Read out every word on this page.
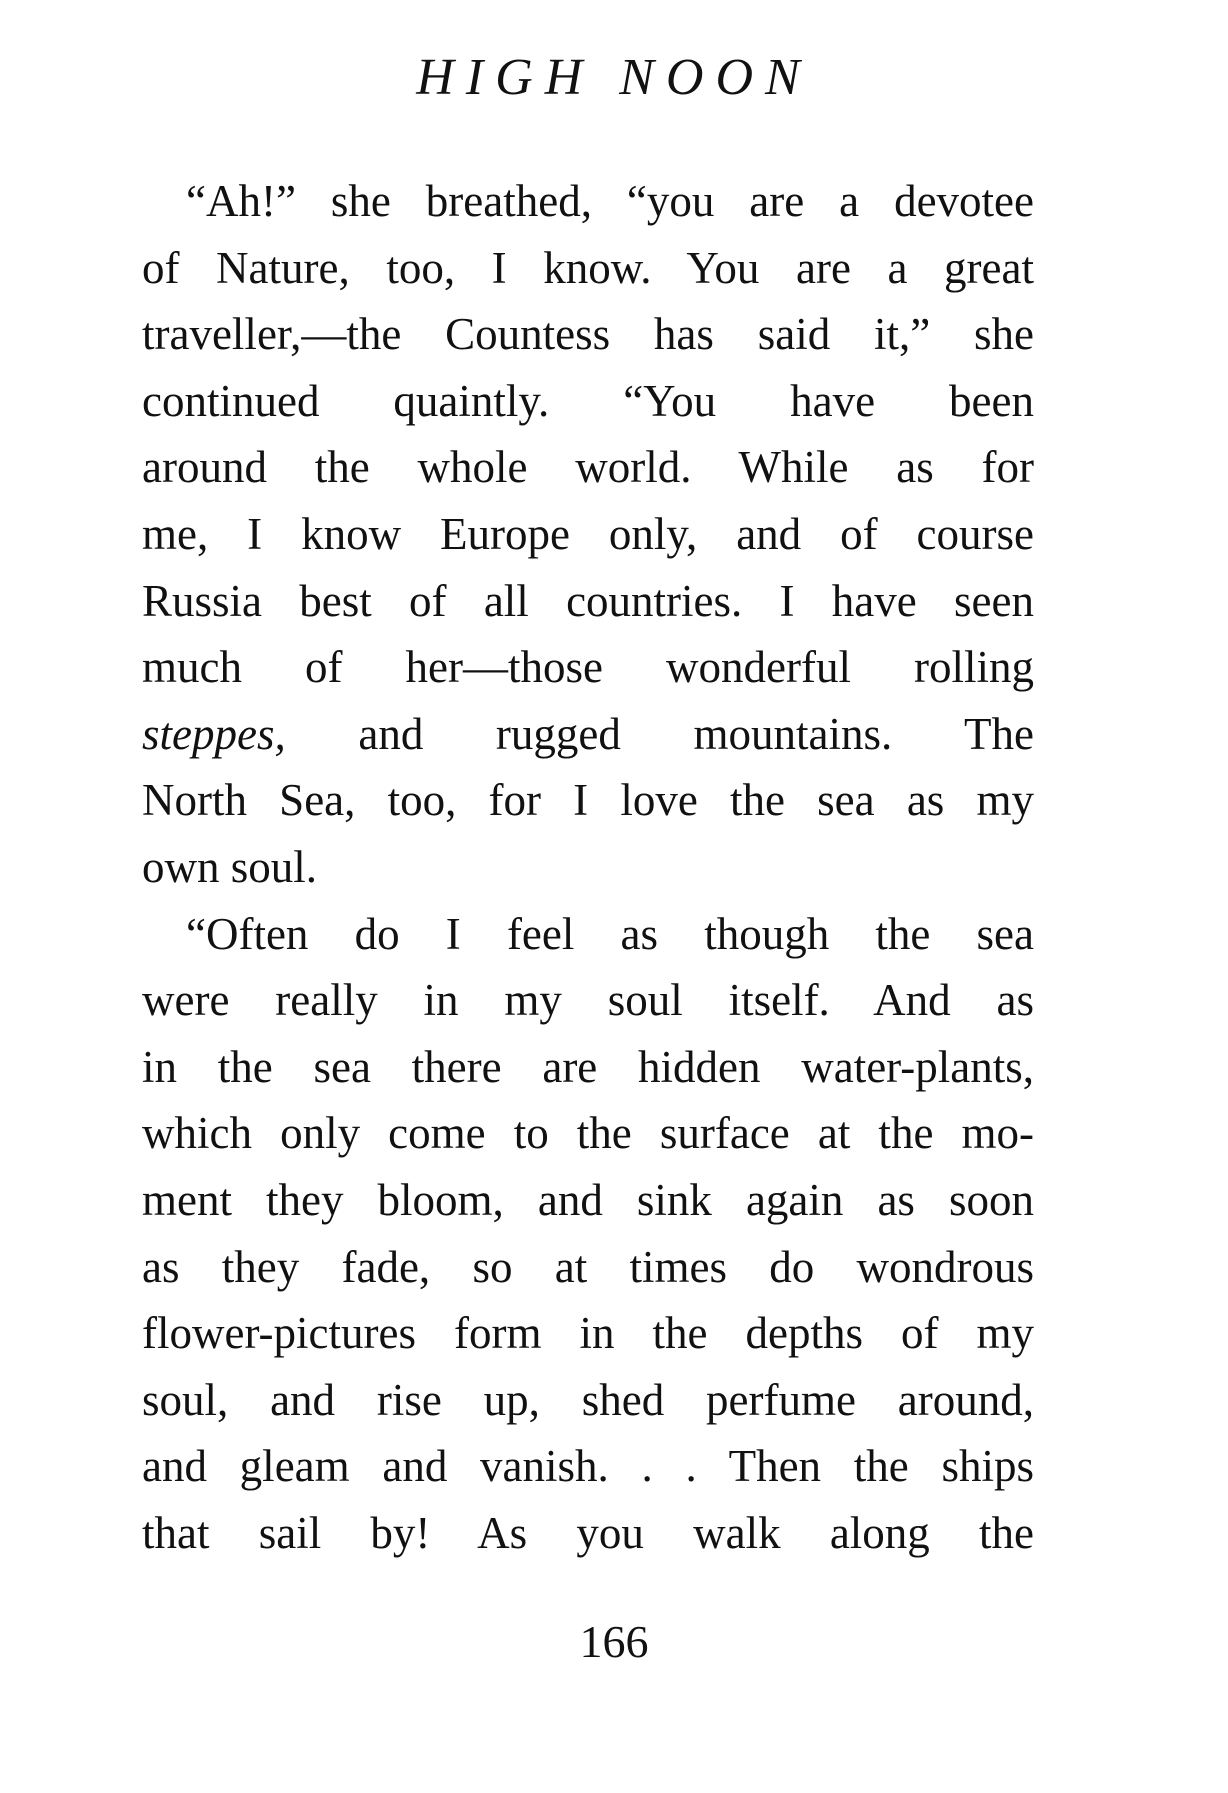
HIGH NOON
“Ah!” she breathed, “you are a devotee
of Nature, too, I know. You are a great
traveller,—the Countess has said it,” she
continued quaintly. “You have been
around the whole world. While as for
me, I know Europe only, and of course
Russia best of all countries. I have seen
much of her—those wonderful rolling
steppes, and rugged mountains. The
North Sea, too, for I love the sea as my
own soul.
“Often do I feel as though the sea
were really in my soul itself. And as
in the sea there are hidden water-plants,
which only come to the surface at the mo-
ment they bloom, and sink again as soon
as they fade, so at times do wondrous
flower-pictures form in the depths of my
soul, and rise up, shed perfume around,
and gleam and vanish. . . Then the ships
that sail by! As you walk along the
166
